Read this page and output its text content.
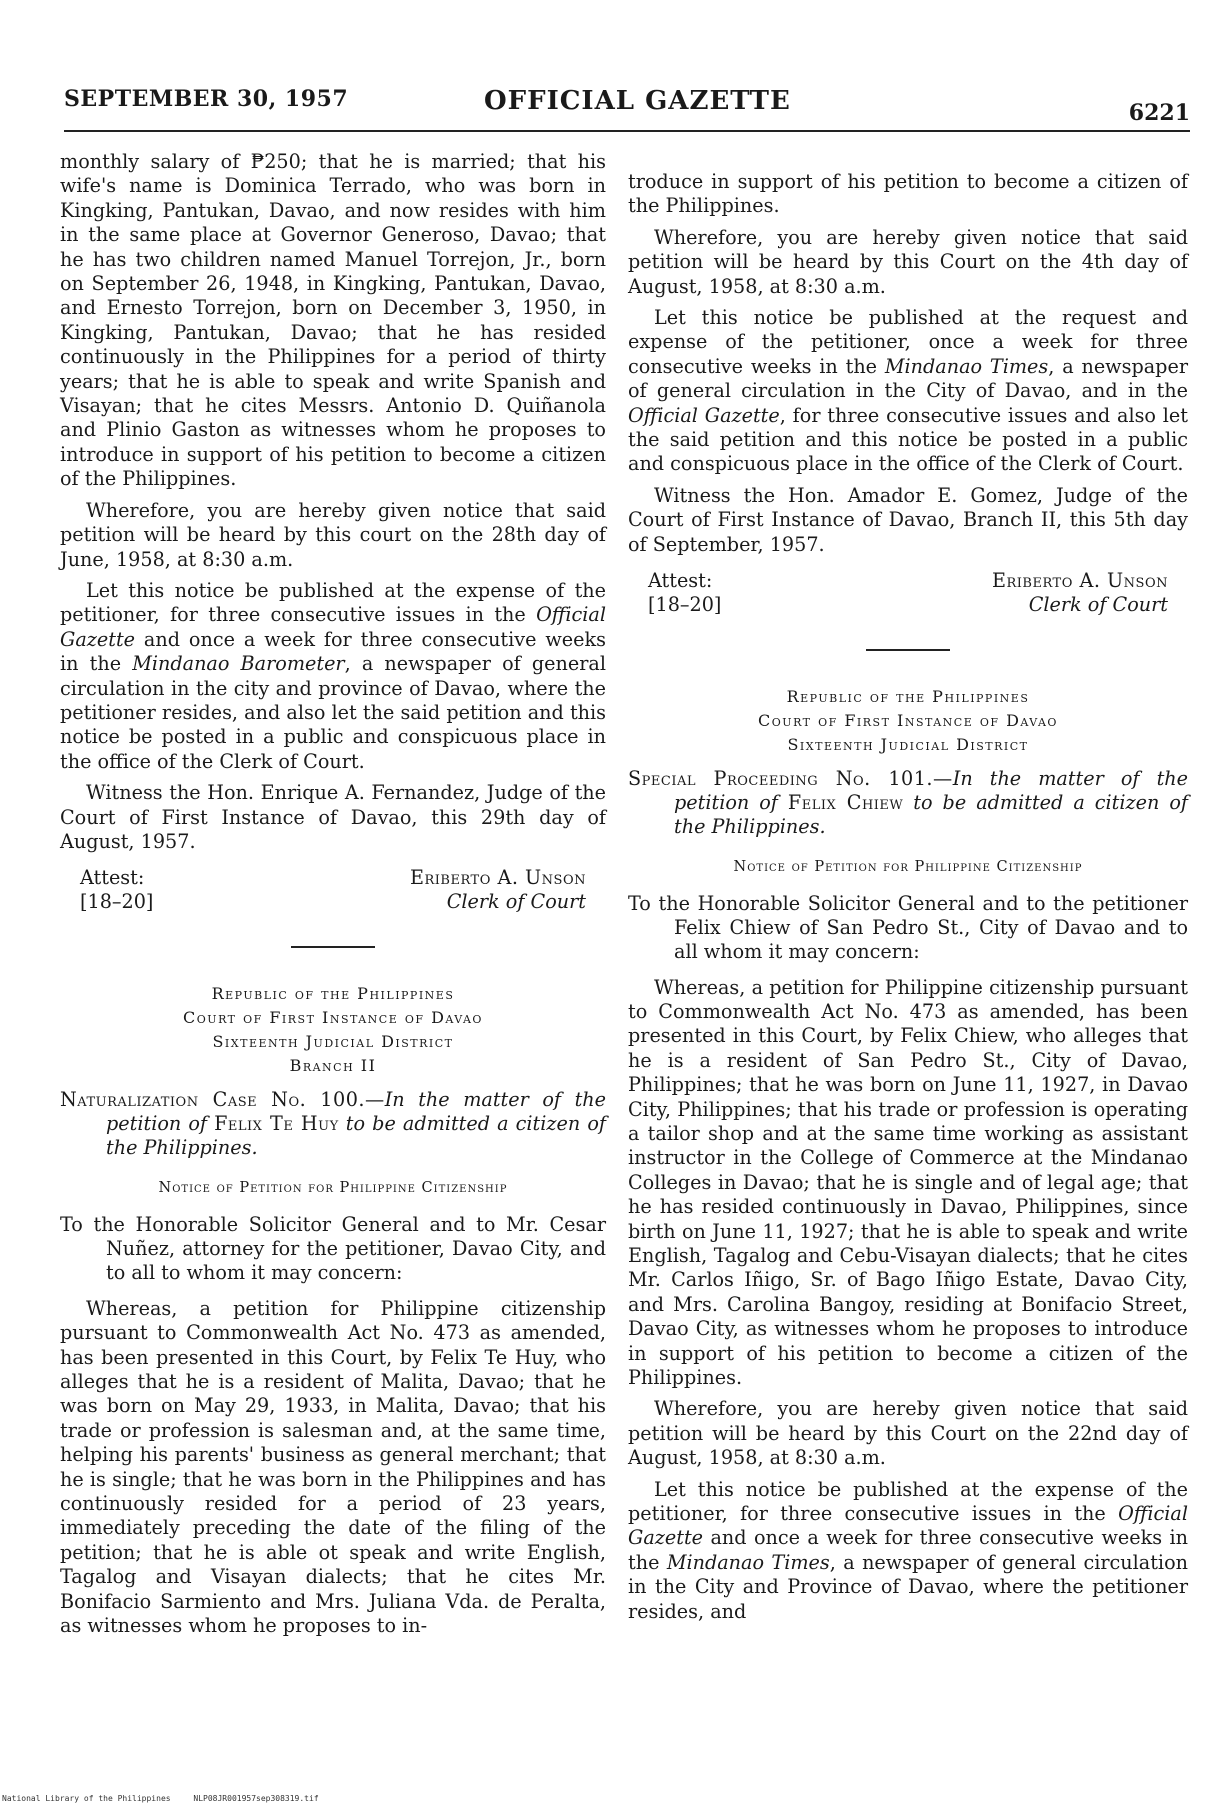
SEPTEMBER 30, 1957	OFFICIAL GAZETTE	6221

monthly salary of ₱250; that he is married; that his wife's name is Dominica Terrado, who was born in Kingking, Pantukan, Davao, and now resides with him in the same place at Governor Generoso, Davao; that he has two children named Manuel Torrejon, Jr., born on September 26, 1948, in Kingking, Pantukan, Davao, and Ernesto Torrejon, born on December 3, 1950, in Kingking, Pantukan, Davao; that he has resided continuously in the Philippines for a period of thirty years; that he is able to speak and write Spanish and Visayan; that he cites Messrs. Antonio D. Quiñanola and Plinio Gaston as witnesses whom he proposes to introduce in support of his petition to become a citizen of the Philippines.

Wherefore, you are hereby given notice that said petition will be heard by this court on the 28th day of June, 1958, at 8:30 a.m.

Let this notice be published at the expense of the petitioner, for three consecutive issues in the Official Gazette and once a week for three consecutive weeks in the Mindanao Barometer, a newspaper of general circulation in the city and province of Davao, where the petitioner resides, and also let the said petition and this notice be posted in a public and conspicuous place in the office of the Clerk of Court.

Witness the Hon. Enrique A. Fernandez, Judge of the Court of First Instance of Davao, this 29th day of August, 1957.

Attest:
[18–20]
Eriberto A. Unson
Clerk of Court
Republic of the Philippines
Court of First Instance of Davao
Sixteenth Judicial District
Branch II
Naturalization Case No. 100.—In the matter of the petition of Felix Te Huy to be admitted a citizen of the Philippines.
Notice of Petition for Philippine Citizenship
To the Honorable Solicitor General and to Mr. Cesar Nuñez, attorney for the petitioner, Davao City, and to all to whom it may concern:

Whereas, a petition for Philippine citizenship pursuant to Commonwealth Act No. 473 as amended, has been presented in this Court, by Felix Te Huy, who alleges that he is a resident of Malita, Davao; that he was born on May 29, 1933, in Malita, Davao; that his trade or profession is salesman and, at the same time, helping his parents' business as general merchant; that he is single; that he was born in the Philippines and has continuously resided for a period of 23 years, immediately preceding the date of the filing of the petition; that he is able ot speak and write English, Tagalog and Visayan dialects; that he cites Mr. Bonifacio Sarmiento and Mrs. Juliana Vda. de Peralta, as witnesses whom he proposes to in-

troduce in support of his petition to become a citizen of the Philippines.

Wherefore, you are hereby given notice that said petition will be heard by this Court on the 4th day of August, 1958, at 8:30 a.m.

Let this notice be published at the request and expense of the petitioner, once a week for three consecutive weeks in the Mindanao Times, a newspaper of general circulation in the City of Davao, and in the Official Gazette, for three consecutive issues and also let the said petition and this notice be posted in a public and conspicuous place in the office of the Clerk of Court.

Witness the Hon. Amador E. Gomez, Judge of the Court of First Instance of Davao, Branch II, this 5th day of September, 1957.

Attest:
[18–20]
Eriberto A. Unson
Clerk of Court
Republic of the Philippines
Court of First Instance of Davao
Sixteenth Judicial District
Special Proceeding No. 101.—In the matter of the petition of Felix Chiew to be admitted a citizen of the Philippines.
Notice of Petition for Philippine Citizenship
To the Honorable Solicitor General and to the petitioner Felix Chiew of San Pedro St., City of Davao and to all whom it may concern:

Whereas, a petition for Philippine citizenship pursuant to Commonwealth Act No. 473 as amended, has been presented in this Court, by Felix Chiew, who alleges that he is a resident of San Pedro St., City of Davao, Philippines; that he was born on June 11, 1927, in Davao City, Philippines; that his trade or profession is operating a tailor shop and at the same time working as assistant instructor in the College of Commerce at the Mindanao Colleges in Davao; that he is single and of legal age; that he has resided continuously in Davao, Philippines, since birth on June 11, 1927; that he is able to speak and write English, Tagalog and Cebu-Visayan dialects; that he cites Mr. Carlos Iñigo, Sr. of Bago Iñigo Estate, Davao City, and Mrs. Carolina Bangoy, residing at Bonifacio Street, Davao City, as witnesses whom he proposes to introduce in support of his petition to become a citizen of the Philippines.

Wherefore, you are hereby given notice that said petition will be heard by this Court on the 22nd day of August, 1958, at 8:30 a.m.

Let this notice be published at the expense of the petitioner, for three consecutive issues in the Official Gazette and once a week for three consecutive weeks in the Mindanao Times, a newspaper of general circulation in the City and Province of Davao, where the petitioner resides, and

National Library of the Philippines	NLP08JR001957sep308319.tif
